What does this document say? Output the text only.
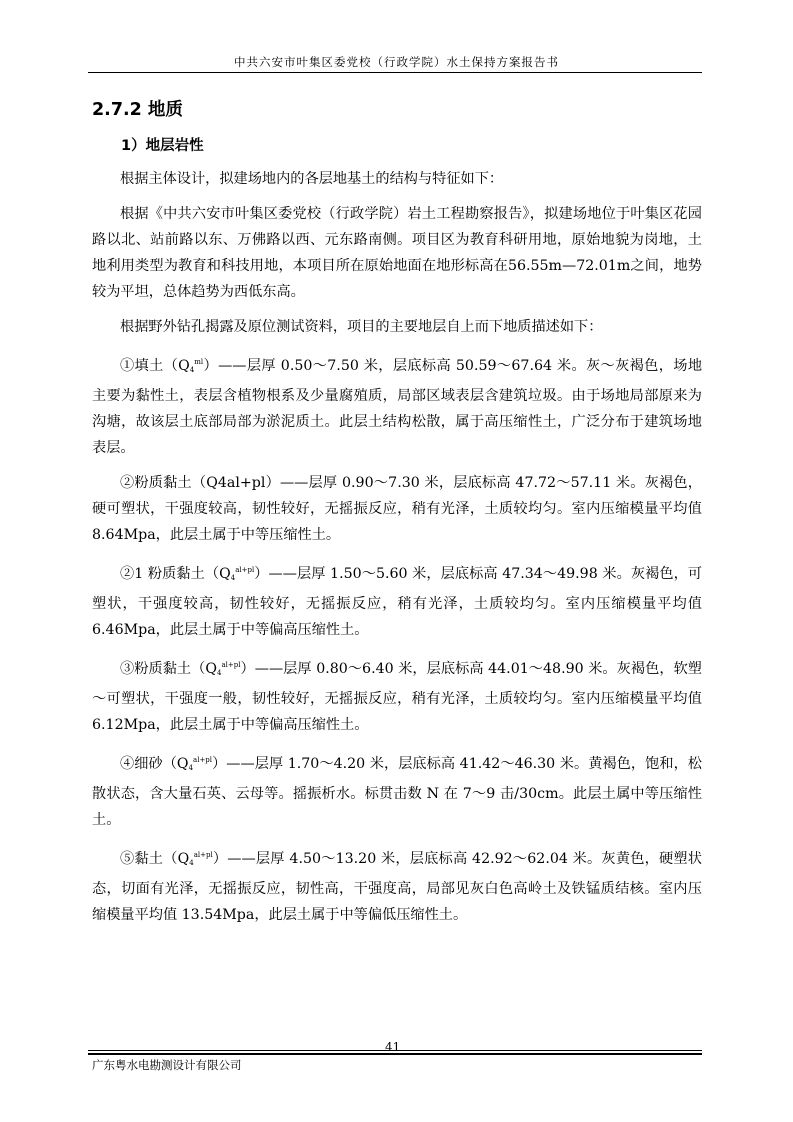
中共六安市叶集区委党校（行政学院）水土保持方案报告书
2.7.2 地质
1）地层岩性

根据主体设计，拟建场地内的各层地基土的结构与特征如下：

根据《中共六安市叶集区委党校（行政学院）岩土工程勘察报告》，拟建场地位于叶集区花园路以北、站前路以东、万佛路以西、元东路南侧。项目区为教育科研用地，原始地貌为岗地，土地利用类型为教育和科技用地，本项目所在原始地面在地形标高在56.55m—72.01m之间，地势较为平坦，总体趋势为西低东高。

根据野外钻孔揭露及原位测试资料，项目的主要地层自上而下地质描述如下：

①填土$(Q_4^{ml})——$层厚 0.50～7.50 米，层底标高 50.59～67.64 米。灰～灰褐色，场地主要为黏性土，表层含植物根系及少量腐殖质，局部区域表层含建筑垃圾。由于场地局部原来为沟塘，故该层土底部局部为淤泥质土。此层土结构松散，属于高压缩性土，广泛分布于建筑场地表层。

②粉质黏土（Q4al+pl）——层厚 0.90～7.30 米，层底标高 47.72～57.11 米。灰褐色，硬可塑状，干强度较高，韧性较好，无摇振反应，稍有光泽，土质较均匀。室内压缩模量平均值 8.64Mpa，此层土属于中等压缩性土。

②1 粉质黏土$(Q_4^{al+pl})——$层厚 1.50～5.60 米，层底标高 47.34～49.98 米。灰褐色，可塑状，干强度较高，韧性较好，无摇振反应，稍有光泽，土质较均匀。室内压缩模量平均值 6.46Mpa，此层土属于中等偏高压缩性土。

③粉质黏土$(Q_4^{al+pl})——$层厚 0.80～6.40 米，层底标高 44.01～48.90 米。灰褐色，软塑～可塑状，干强度一般，韧性较好，无摇振反应，稍有光泽，土质较均匀。室内压缩模量平均值 6.12Mpa，此层土属于中等偏高压缩性土。

④细砂$(Q_4^{al+pl})——$层厚 1.70～4.20 米，层底标高 41.42～46.30 米。黄褐色，饱和，松散状态，含大量石英、云母等。摇振析水。标贯击数 N 在 7～9 击/30cm。此层土属中等压缩性土。

⑤黏土$(Q_4^{al+pl})——$层厚 4.50～13.20 米，层底标高 42.92～62.04 米。灰黄色，硬塑状态，切面有光泽，无摇振反应，韧性高，干强度高，局部见灰白色高岭土及铁锰质结核。室内压缩模量平均值 13.54Mpa，此层土属于中等偏低压缩性土。

41
广东粤水电勘测设计有限公司
